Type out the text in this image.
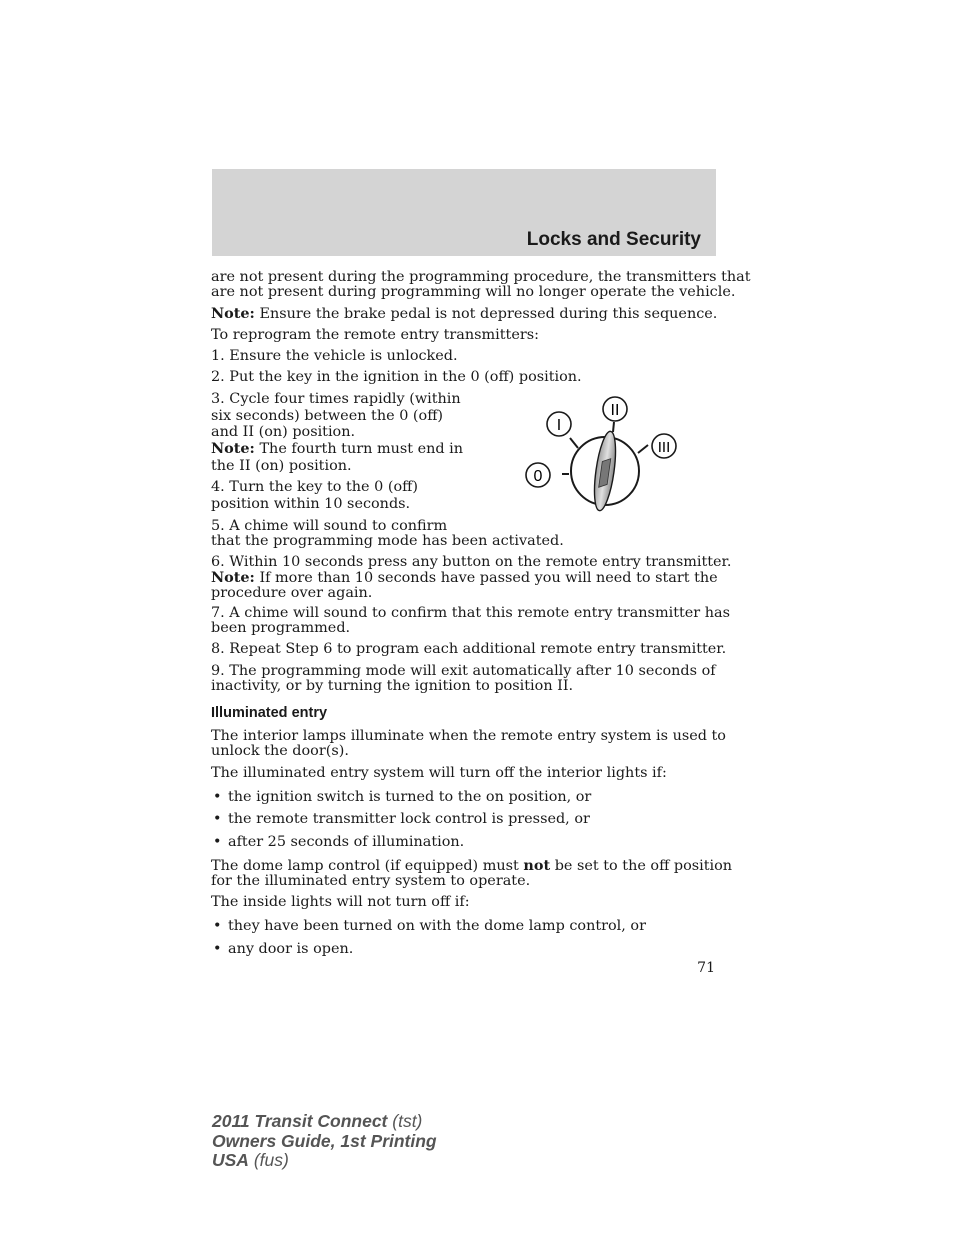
Locks and Security
are not present during the programming procedure, the transmitters that
are not present during programming will no longer operate the vehicle.
Note: Ensure the brake pedal is not depressed during this sequence.
To reprogram the remote entry transmitters:
1. Ensure the vehicle is unlocked.
2. Put the key in the ignition in the 0 (off) position.
3. Cycle four times rapidly (within
six seconds) between the 0 (off)
and II (on) position.
Note: The fourth turn must end in
the II (on) position.
4. Turn the key to the 0 (off)
position within 10 seconds.
5. A chime will sound to confirm
that the programming mode has been activated.
6. Within 10 seconds press any button on the remote entry transmitter.
Note: If more than 10 seconds have passed you will need to start the
procedure over again.
7. A chime will sound to confirm that this remote entry transmitter has
been programmed.
8. Repeat Step 6 to program each additional remote entry transmitter.
9. The programming mode will exit automatically after 10 seconds of
inactivity, or by turning the ignition to position II.
Illuminated entry
The interior lamps illuminate when the remote entry system is used to
unlock the door(s).
The illuminated entry system will turn off the interior lights if:
• the ignition switch is turned to the on position, or
• the remote transmitter lock control is pressed, or
• after 25 seconds of illumination.
The dome lamp control (if equipped) must not be set to the off position
for the illuminated entry system to operate.
The inside lights will not turn off if:
• they have been turned on with the dome lamp control, or
• any door is open.
0
I
II
III
71
2011 Transit Connect (tst)
Owners Guide, 1st Printing
USA (fus)
